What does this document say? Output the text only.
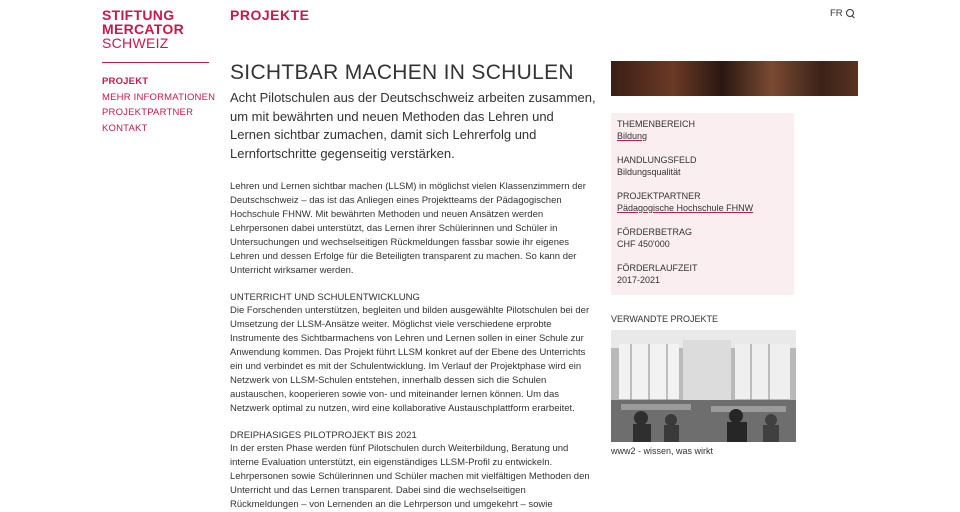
STIFTUNG
MERCATOR
SCHWEIZ
PROJEKT
MEHR INFORMATIONEN
PROJEKTPARTNER
KONTAKT
PROJEKTE	FR
SICHTBAR MACHEN IN SCHULEN

Acht Pilotschulen aus der Deutschschweiz arbeiten zusammen, um mit bewährten und neuen Methoden das Lehren und Lernen sichtbar zumachen, damit sich Lehrerfolg und Lernfortschritte gegenseitig verstärken.

Lehren und Lernen sichtbar machen (LLSM) in möglichst vielen Klassenzimmern der Deutschschweiz – das ist das Anliegen eines Projektteams der Pädagogischen Hochschule FHNW. Mit bewährten Methoden und neuen Ansätzen werden Lehrpersonen dabei unterstützt, das Lernen ihrer Schülerinnen und Schüler in Untersuchungen und wechselseitigen Rückmeldungen fassbar sowie ihr eigenes Lehren und dessen Erfolge für die Beteiligten transparent zu machen. So kann der Unterricht wirksamer werden.

UNTERRICHT UND SCHULENTWICKLUNG

Die Forschenden unterstützen, begleiten und bilden ausgewählte Pilotschulen bei der Umsetzung der LLSM-Ansätze weiter. Möglichst viele verschiedene erprobte Instrumente des Sichtbarmachens von Lehren und Lernen sollen in einer Schule zur Anwendung kommen. Das Projekt führt LLSM konkret auf der Ebene des Unterrichts ein und verbindet es mit der Schulentwicklung. Im Verlauf der Projektphase wird ein Netzwerk von LLSM-Schulen entstehen, innerhalb dessen sich die Schulen austauschen, kooperieren sowie von- und miteinander lernen können. Um das Netzwerk optimal zu nutzen, wird eine kollaborative Austauschplattform erarbeitet.

DREIPHASIGES PILOTPROJEKT BIS 2021

In der ersten Phase werden fünf Pilotschulen durch Weiterbildung, Beratung und interne Evaluation unterstützt, ein eigenständiges LLSM-Profil zu entwickeln. Lehrpersonen sowie Schülerinnen und Schüler machen mit vielfältigen Methoden den Unterricht und das Lernen transparent. Dabei sind die wechselseitigen Rückmeldungen – von Lernenden an die Lehrperson und umgekehrt – sowie

THEMENBEREICH
Bildung
HANDLUNGSFELD
Bildungsqualität
PROJEKTPARTNER
Pädagogische Hochschule FHNW
FÖRDERBETRAG
CHF 450'000
FÖRDERLAUFZEIT
2017-2021
VERWANDTE PROJEKTE
www2 - wissen, was wirkt
